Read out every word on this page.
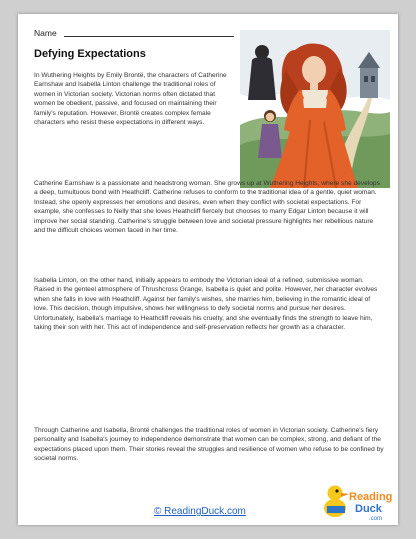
Name
Defying Expectations
In Wuthering Heights by Emily Brontë, the characters of Catherine Earnshaw and Isabella Linton challenge the traditional roles of women in Victorian society. Victorian norms often dictated that women be obedient, passive, and focused on maintaining their family's reputation. However, Brontë creates complex female characters who resist these expectations in different ways.
Catherine Earnshaw is a passionate and headstrong woman. She grows up at Wuthering Heights, where she develops a deep, tumultuous bond with Heathcliff. Catherine refuses to conform to the traditional idea of a gentle, quiet woman. Instead, she openly expresses her emotions and desires, even when they conflict with societal expectations. For example, she confesses to Nelly that she loves Heathcliff fiercely but chooses to marry Edgar Linton because it will improve her social standing. Catherine's struggle between love and societal pressure highlights her rebellious nature and the difficult choices women faced in her time.
Isabella Linton, on the other hand, initially appears to embody the Victorian ideal of a refined, submissive woman. Raised in the genteel atmosphere of Thrushcross Grange, Isabella is quiet and polite. However, her character evolves when she falls in love with Heathcliff. Against her family's wishes, she marries him, believing in the romantic ideal of love. This decision, though impulsive, shows her willingness to defy societal norms and pursue her desires. Unfortunately, Isabella's marriage to Heathcliff reveals his cruelty, and she eventually finds the strength to leave him, taking their son with her. This act of independence and self-preservation reflects her growth as a character.
Through Catherine and Isabella, Brontë challenges the traditional roles of women in Victorian society. Catherine's fiery personality and Isabella's journey to independence demonstrate that women can be complex, strong, and defiant of the expectations placed upon them. Their stories reveal the struggles and resilience of women who refuse to be confined by societal norms.
© ReadingDuck.com
Reading
Duck
.com
